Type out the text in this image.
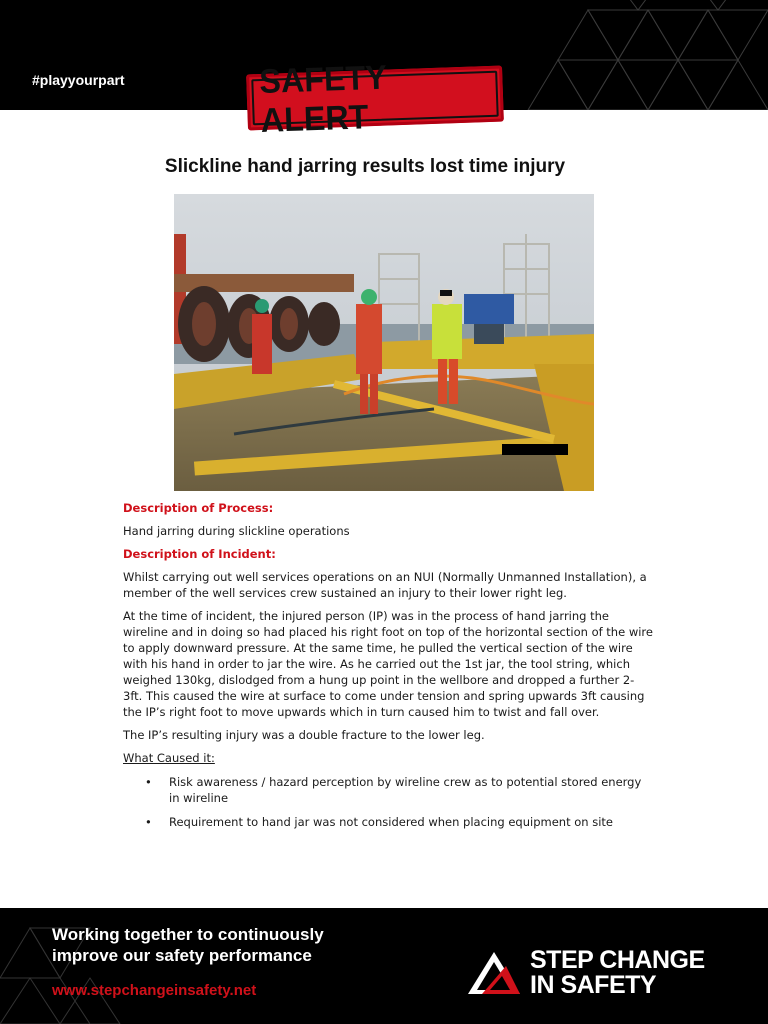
#playyourpart	SAFETY ALERT
Slickline hand jarring results lost time injury
Description of Process:

Hand jarring during slickline operations

Description of Incident:

Whilst carrying out well services operations on an NUI (Normally Unmanned Installation), a member of the well services crew sustained an injury to their lower right leg.

At the time of incident, the injured person (IP) was in the process of hand jarring the wireline and in doing so had placed his right foot on top of the horizontal section of the wire to apply downward pressure. At the same time, he pulled the vertical section of the wire with his hand in order to jar the wire. As he carried out the 1st jar, the tool string, which weighed 130kg, dislodged from a hung up point in the wellbore and dropped a further 2-3ft. This caused the wire at surface to come under tension and spring upwards 3ft causing the IP’s right foot to move upwards which in turn caused him to twist and fall over.

The IP’s resulting injury was a double fracture to the lower leg.

What Caused it:
• Risk awareness / hazard perception by wireline crew as to potential stored energy in wireline
• Requirement to hand jar was not considered when placing equipment on site
Working together to continuously
improve our safety performance
www.stepchangeinsafety.net
STEP CHANGE
IN SAFETY
